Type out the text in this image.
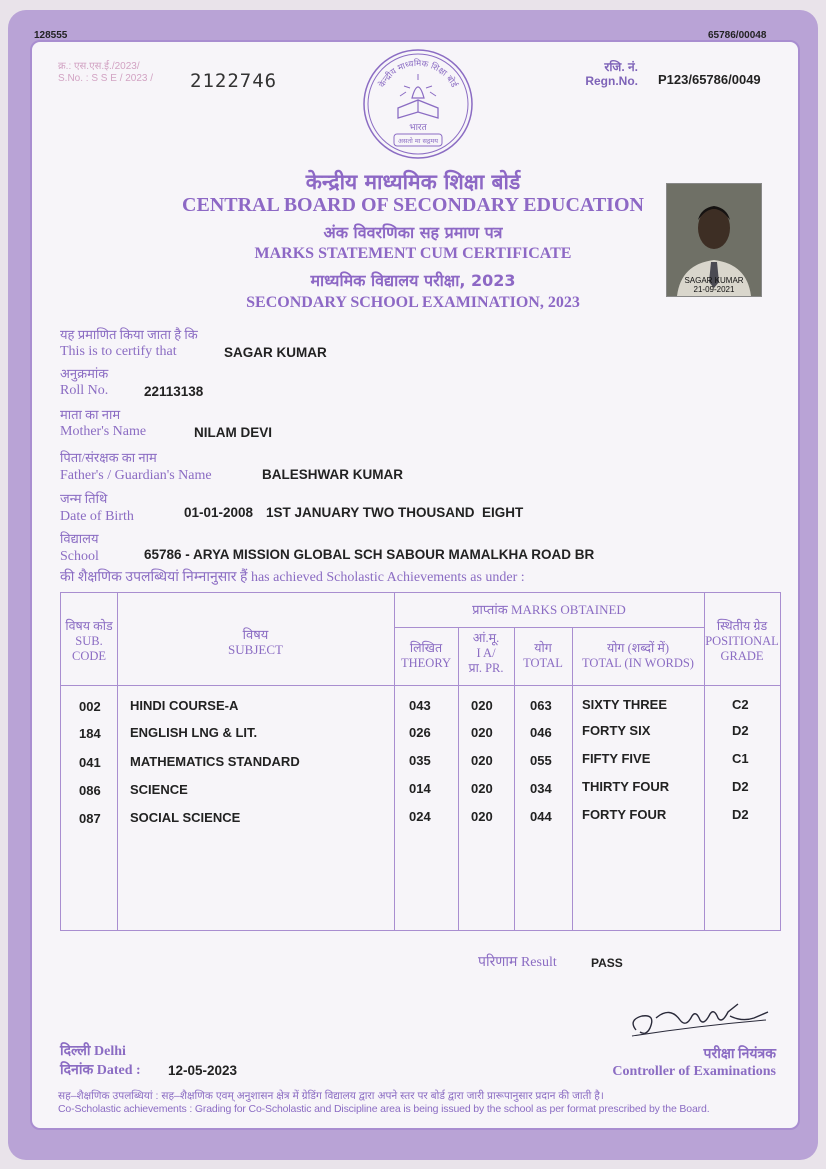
128555	65786/00048
क्र.: एस.एस.ई./2023/
S.No. : S S E / 2023 / 2122746
रजि. नं.
Regn.No. P123/65786/0049
केन्द्रीय माध्यमिक शिक्षा बोर्ड
भारत
असतो मा सद्गमय
केन्द्रीय माध्यमिक शिक्षा बोर्ड
CENTRAL BOARD OF SECONDARY EDUCATION
अंक विवरणिका सह प्रमाण पत्र
MARKS STATEMENT CUM CERTIFICATE
माध्यमिक विद्यालय परीक्षा, 2023
SECONDARY SCHOOL EXAMINATION, 2023
SAGAR KUMAR
21-09-2021
यह प्रमाणित किया जाता है कि
This is to certify that	SAGAR KUMAR
अनुक्रमांक
Roll No.	22113138
माता का नाम
Mother's Name	NILAM DEVI
पिता/संरक्षक का नाम
Father's / Guardian's Name	BALESHWAR KUMAR
जन्म तिथि
Date of Birth	01-01-2008 1ST JANUARY TWO THOUSAND  EIGHT
विद्यालय
School	65786 - ARYA MISSION GLOBAL SCH SABOUR MAMALKHA ROAD BR
की शैक्षणिक उपलब्धियां निम्नानुसार हैं has achieved Scholastic Achievements as under :
विषय कोड
SUB.
CODE
विषय
SUBJECT
प्राप्तांक MARKS OBTAINED
लिखित
THEORY
आं.मू.
I A/
प्रा. PR.
योग
TOTAL
योग (शब्दों में)
TOTAL (IN WORDS)
स्थितीय ग्रेड
POSITIONAL
GRADE
002 HINDI COURSE-A	043	020	063 SIXTY THREE	C2
184 ENGLISH LNG & LIT.	026	020	046 FORTY SIX	D2
041 MATHEMATICS STANDARD	035	020	055 FIFTY FIVE	C1
086 SCIENCE	014	020	034 THIRTY FOUR	D2
087 SOCIAL SCIENCE	024	020	044 FORTY FOUR	D2
परिणाम Result	PASS
दिल्ली Delhi
दिनांक Dated : 12-05-2023
परीक्षा नियंत्रक
Controller of Examinations
सह–शैक्षणिक उपलब्धियां : सह–शैक्षणिक एवम् अनुशासन क्षेत्र में ग्रेडिंग विद्यालय द्वारा अपने स्तर पर बोर्ड द्वारा जारी प्रारूपानुसार प्रदान की जाती है।
Co-Scholastic achievements : Grading for Co-Scholastic and Discipline area is being issued by the school as per format prescribed by the Board.
